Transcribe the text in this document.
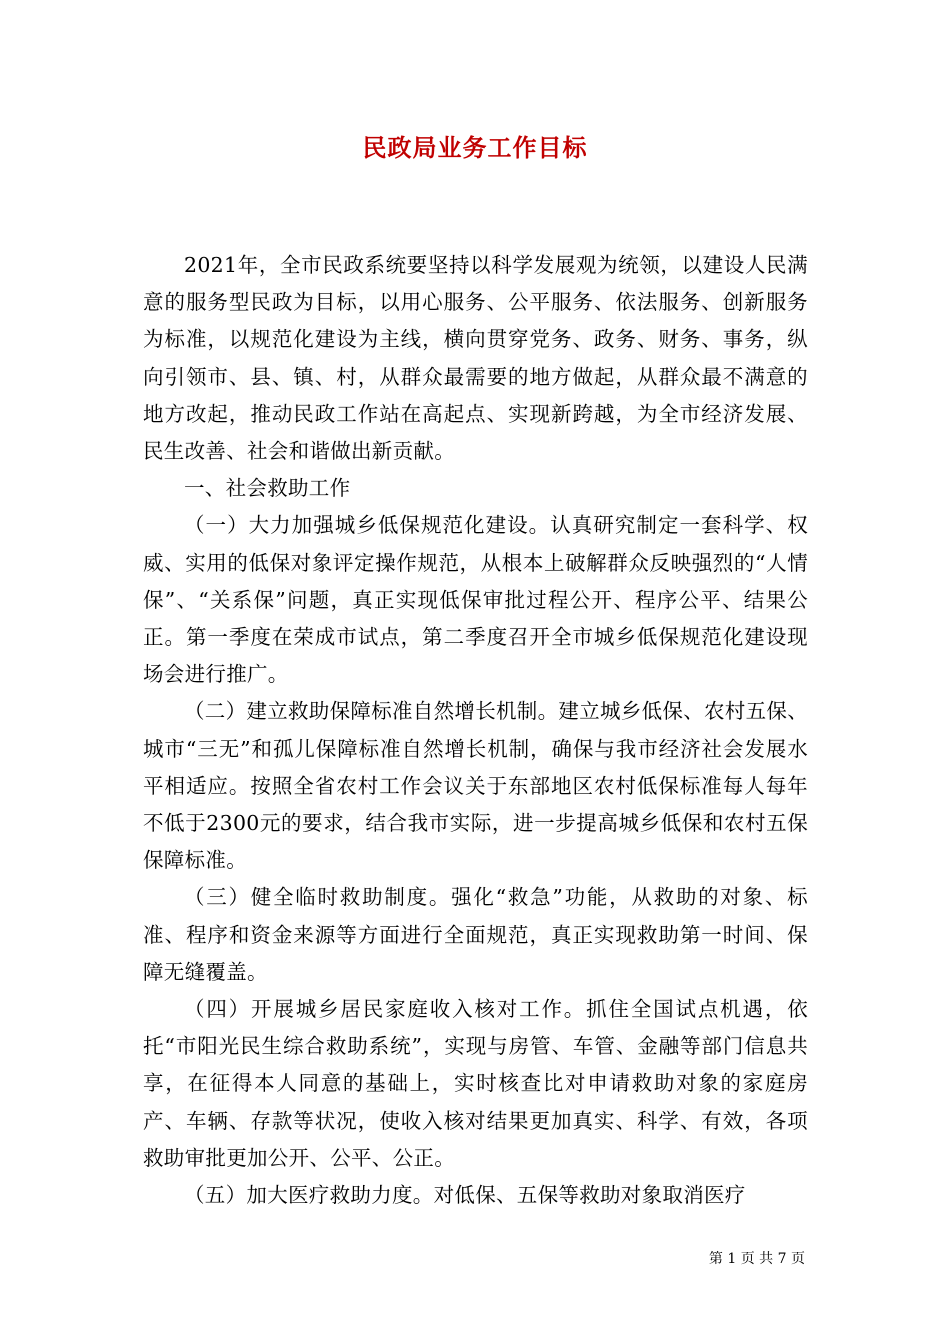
民政局业务工作目标

2021年，全市民政系统要坚持以科学发展观为统领，以建设人民满意的服务型民政为目标，以用心服务、公平服务、依法服务、创新服务为标准，以规范化建设为主线，横向贯穿党务、政务、财务、事务，纵向引领市、县、镇、村，从群众最需要的地方做起，从群众最不满意的地方改起，推动民政工作站在高起点、实现新跨越，为全市经济发展、民生改善、社会和谐做出新贡献。

一、社会救助工作

（一）大力加强城乡低保规范化建设。认真研究制定一套科学、权威、实用的低保对象评定操作规范，从根本上破解群众反映强烈的“人情保”、“关系保”问题，真正实现低保审批过程公开、程序公平、结果公正。第一季度在荣成市试点，第二季度召开全市城乡低保规范化建设现场会进行推广。

（二）建立救助保障标准自然增长机制。建立城乡低保、农村五保、城市“三无”和孤儿保障标准自然增长机制，确保与我市经济社会发展水平相适应。按照全省农村工作会议关于东部地区农村低保标准每人每年不低于2300元的要求，结合我市实际，进一步提高城乡低保和农村五保保障标准。

（三）健全临时救助制度。强化“救急”功能，从救助的对象、标准、程序和资金来源等方面进行全面规范，真正实现救助第一时间、保障无缝覆盖。

（四）开展城乡居民家庭收入核对工作。抓住全国试点机遇，依托“市阳光民生综合救助系统”，实现与房管、车管、金融等部门信息共享，在征得本人同意的基础上，实时核查比对申请救助对象的家庭房产、车辆、存款等状况，使收入核对结果更加真实、科学、有效，各项救助审批更加公开、公平、公正。

（五）加大医疗救助力度。对低保、五保等救助对象取消医疗

第 1 页 共 7 页
